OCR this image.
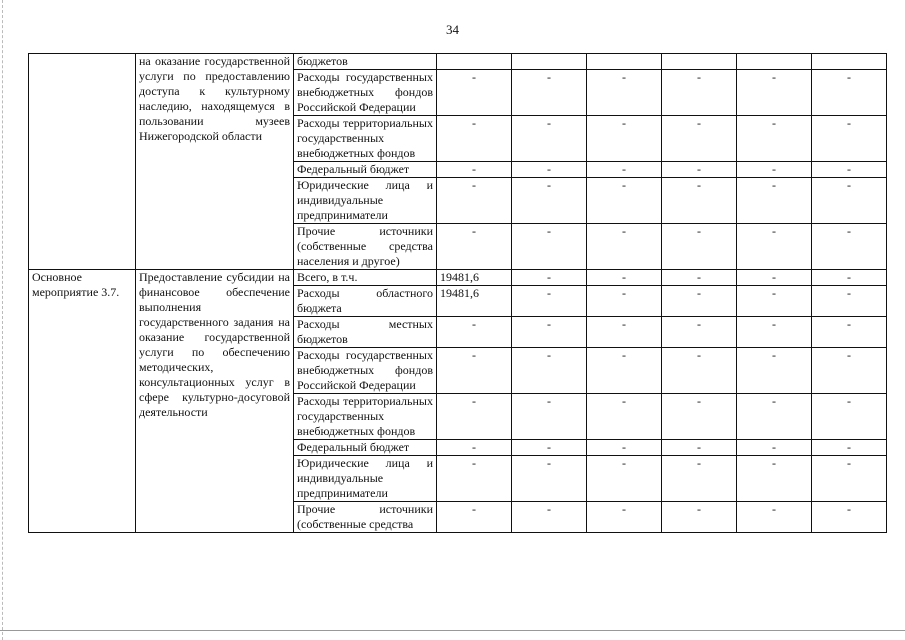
34
	на оказание государственной услуги по предоставлению доступа к культурному наследию, находящемуся в пользовании музеев Нижегородской области	бюджетов						
		Расходы государственных внебюджетных фондов Российской Федерации	-	-	-	-	-	-
		Расходы территориальных государственных внебюджетных фондов	-	-	-	-	-	-
		Федеральный бюджет	-	-	-	-	-	-
		Юридические лица и индивидуальные предприниматели	-	-	-	-	-	-
		Прочие источники (собственные средства населения и другое)	-	-	-	-	-	-
Основное мероприятие 3.7.	Предоставление субсидии на финансовое обеспечение выполнения государственного задания на оказание государственной услуги по обеспечению методических, консультационных услуг в сфере культурно-досуговой деятельности	Всего, в т.ч.	19481,6	-	-	-	-	-
		Расходы областного бюджета	19481,6	-	-	-	-	-
		Расходы местных бюджетов	-	-	-	-	-	-
		Расходы государственных внебюджетных фондов Российской Федерации	-	-	-	-	-	-
		Расходы территориальных государственных внебюджетных фондов	-	-	-	-	-	-
		Федеральный бюджет	-	-	-	-	-	-
		Юридические лица и индивидуальные предприниматели	-	-	-	-	-	-
		Прочие источники (собственные средства	-	-	-	-	-	-
